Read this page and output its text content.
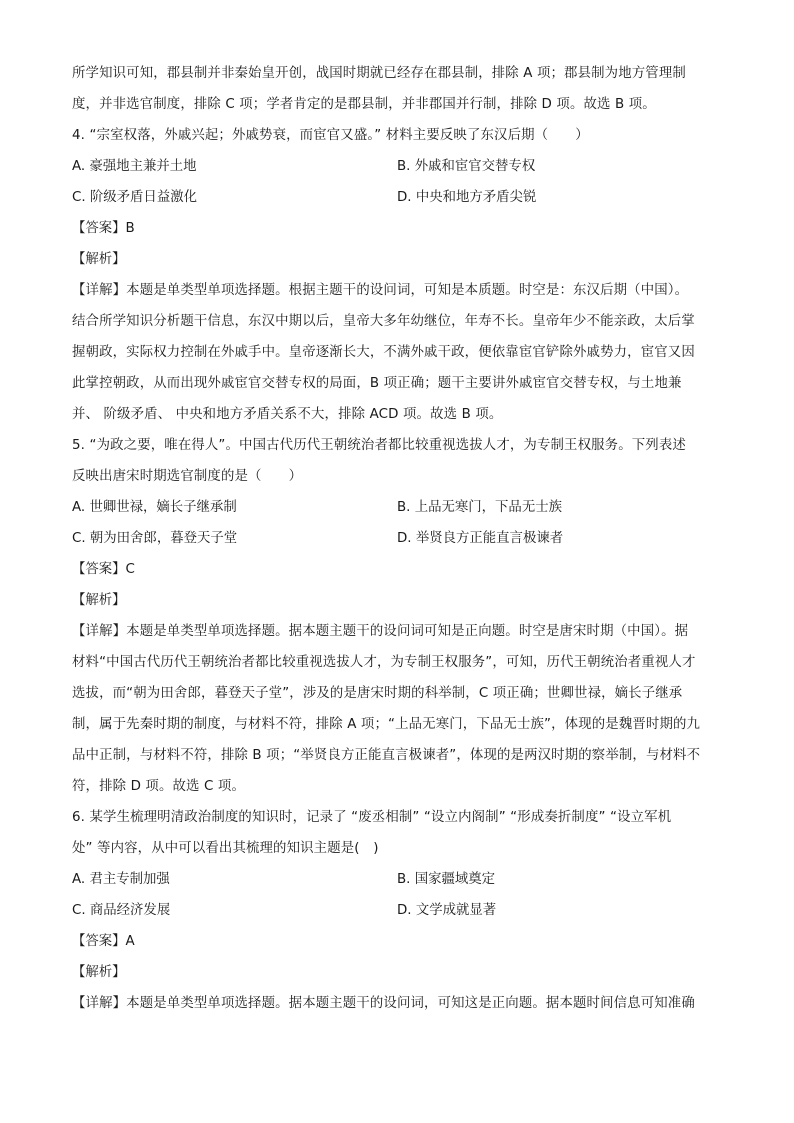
所学知识可知，郡县制并非秦始皇开创，战国时期就已经存在郡县制，排除 A 项；郡县制为地方管理制
度，并非选官制度，排除 C 项；学者肯定的是郡县制，并非郡国并行制，排除 D 项。故选 B 项。
4. “宗室权落，外戚兴起；外戚势衰，而宦官又盛。” 材料主要反映了东汉后期（　　）
A. 豪强地主兼并土地	B. 外戚和宦官交替专权
C. 阶级矛盾日益激化	D. 中央和地方矛盾尖锐
【答案】B
【解析】
【详解】本题是单类型单项选择题。根据主题干的设问词，可知是本质题。时空是：东汉后期（中国）。
结合所学知识分析题干信息，东汉中期以后，皇帝大多年幼继位，年寿不长。皇帝年少不能亲政，太后掌
握朝政，实际权力控制在外戚手中。皇帝逐渐长大，不满外戚干政，便依靠宦官铲除外戚势力，宦官又因
此掌控朝政，从而出现外戚宦官交替专权的局面，B 项正确；题干主要讲外戚宦官交替专权，与土地兼
并、 阶级矛盾、 中央和地方矛盾关系不大，排除 ACD 项。故选 B 项。
5. “为政之要，唯在得人”。中国古代历代王朝统治者都比较重视选拔人才，为专制王权服务。下列表述
反映出唐宋时期选官制度的是（　　）
A. 世卿世禄，嫡长子继承制	B. 上品无寒门，下品无士族
C. 朝为田舍郎，暮登天子堂	D. 举贤良方正能直言极谏者
【答案】C
【解析】
【详解】本题是单类型单项选择题。据本题主题干的设问词可知是正向题。时空是唐宋时期（中国）。据
材料“中国古代历代王朝统治者都比较重视选拔人才，为专制王权服务”，可知，历代王朝统治者重视人才
选拔，而“朝为田舍郎，暮登天子堂”，涉及的是唐宋时期的科举制，C 项正确；世卿世禄，嫡长子继承
制，属于先秦时期的制度，与材料不符，排除 A 项；“上品无寒门，下品无士族”，体现的是魏晋时期的九
品中正制，与材料不符，排除 B 项；“举贤良方正能直言极谏者”，体现的是两汉时期的察举制，与材料不
符，排除 D 项。故选 C 项。
6. 某学生梳理明清政治制度的知识时，记录了 “废丞相制” “设立内阁制” “形成奏折制度” “设立军机
处” 等内容，从中可以看出其梳理的知识主题是(　)
A. 君主专制加强	B. 国家疆域奠定
C. 商品经济发展	D. 文学成就显著
【答案】A
【解析】
【详解】本题是单类型单项选择题。据本题主题干的设问词，可知这是正向题。据本题时间信息可知准确
